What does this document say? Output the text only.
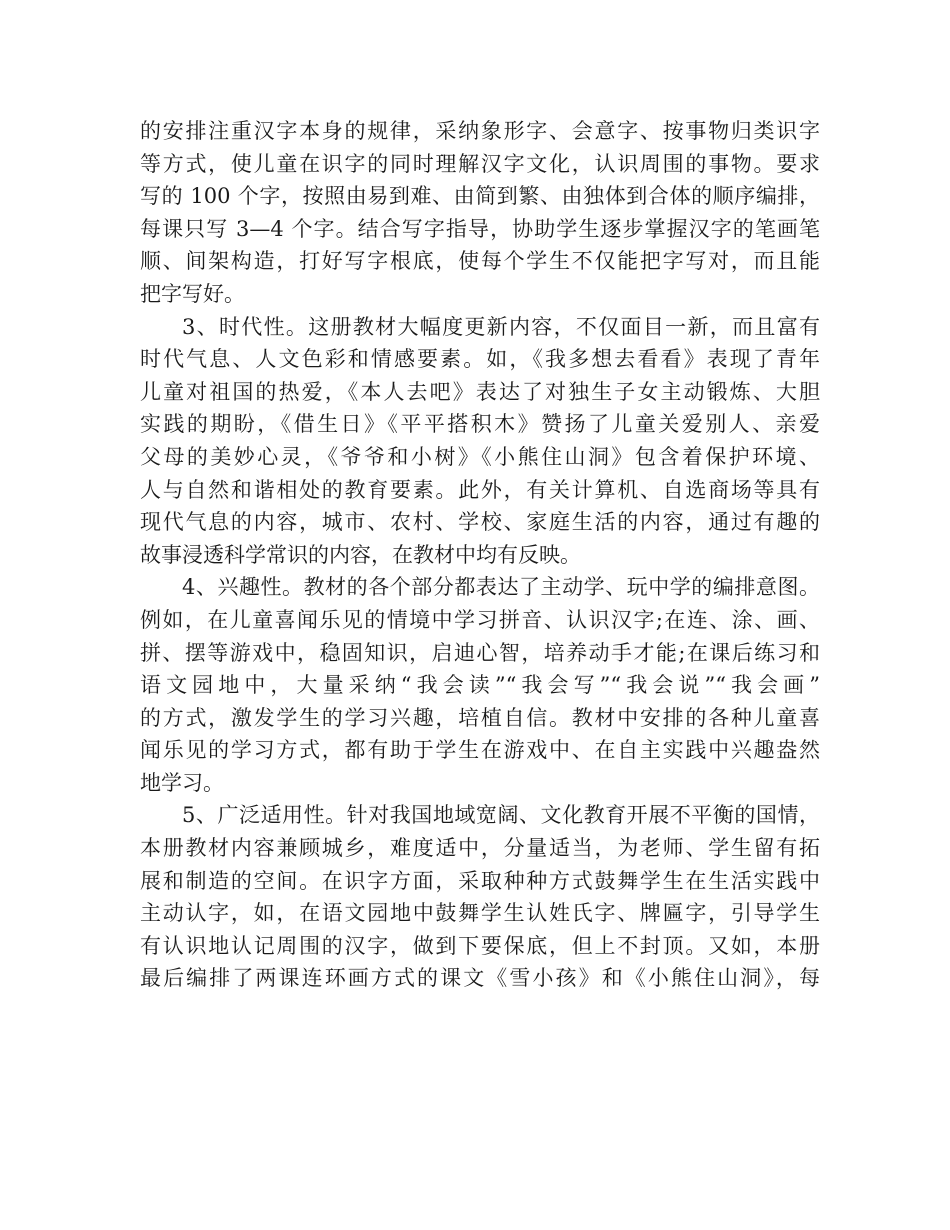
的安排注重汉字本身的规律，采纳象形字、会意字、按事物归类识字
等方式，使儿童在识字的同时理解汉字文化，认识周围的事物。要求
写的 100 个字，按照由易到难、由简到繁、由独体到合体的顺序编排，
每课只写 3—4 个字。结合写字指导，协助学生逐步掌握汉字的笔画笔
顺、间架构造，打好写字根底，使每个学生不仅能把字写对，而且能
把字写好。
3、时代性。这册教材大幅度更新内容，不仅面目一新，而且富有
时代气息、人文色彩和情感要素。如，《我多想去看看》表现了青年
儿童对祖国的热爱，《本人去吧》表达了对独生子女主动锻炼、大胆
实践的期盼，《借生日》《平平搭积木》赞扬了儿童关爱别人、亲爱
父母的美妙心灵，《爷爷和小树》《小熊住山洞》包含着保护环境、
人与自然和谐相处的教育要素。此外，有关计算机、自选商场等具有
现代气息的内容，城市、农村、学校、家庭生活的内容，通过有趣的
故事浸透科学常识的内容，在教材中均有反映。
4、兴趣性。教材的各个部分都表达了主动学、玩中学的编排意图。
例如，在儿童喜闻乐见的情境中学习拼音、认识汉字;在连、涂、画、
拼、摆等游戏中，稳固知识，启迪心智，培养动手才能;在课后练习和
语文园地中，大量采纳“我会读”“我会写”“我会说”“我会画”
的方式，激发学生的学习兴趣，培植自信。教材中安排的各种儿童喜
闻乐见的学习方式，都有助于学生在游戏中、在自主实践中兴趣盎然
地学习。
5、广泛适用性。针对我国地域宽阔、文化教育开展不平衡的国情，
本册教材内容兼顾城乡，难度适中，分量适当，为老师、学生留有拓
展和制造的空间。在识字方面，采取种种方式鼓舞学生在生活实践中
主动认字，如，在语文园地中鼓舞学生认姓氏字、牌匾字，引导学生
有认识地认记周围的汉字，做到下要保底，但上不封顶。又如，本册
最后编排了两课连环画方式的课文《雪小孩》和《小熊住山洞》，每
